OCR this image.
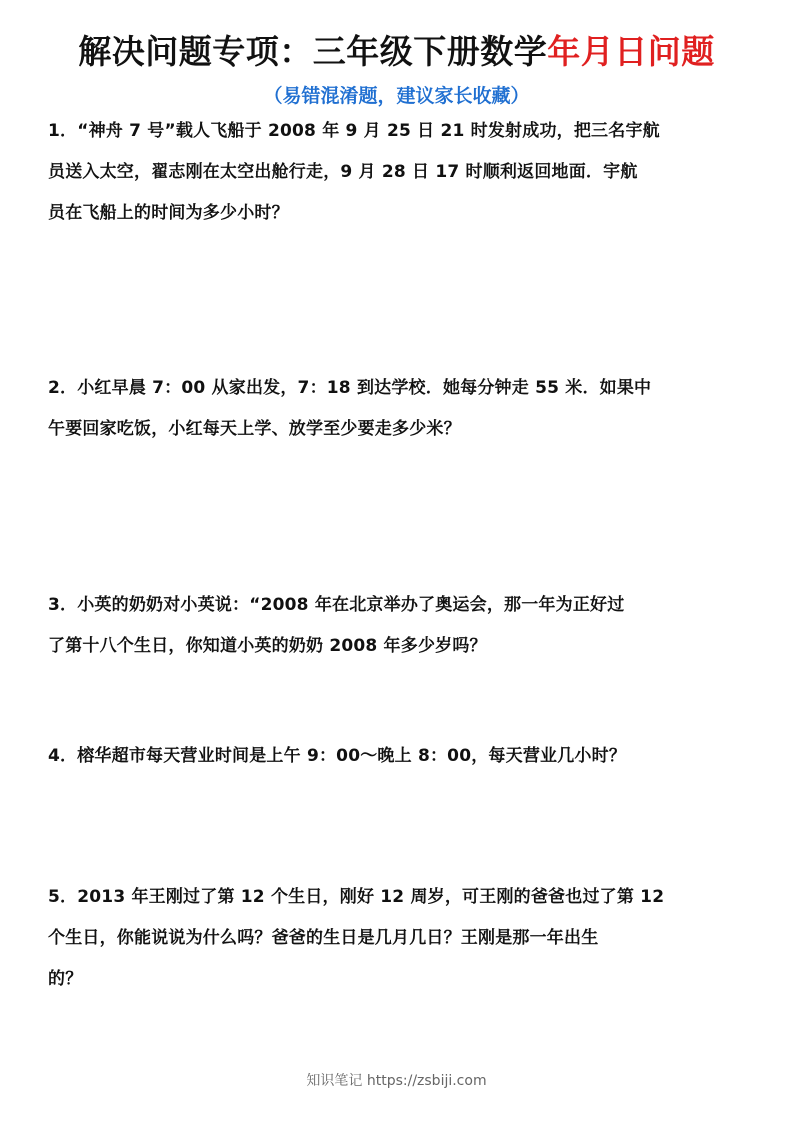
解决问题专项：三年级下册数学年月日问题
（易错混淆题，建议家长收藏）
1．“神舟 7 号”载人飞船于 2008 年 9 月 25 日 21 时发射成功，把三名宇航
员送入太空，翟志刚在太空出舱行走，9 月 28 日 17 时顺利返回地面．宇航
员在飞船上的时间为多少小时？
2．小红早晨 7：00 从家出发，7：18 到达学校．她每分钟走 55 米．如果中
午要回家吃饭，小红每天上学、放学至少要走多少米？
3．小英的奶奶对小英说：“2008 年在北京举办了奥运会，那一年为正好过
了第十八个生日，你知道小英的奶奶 2008 年多少岁吗？
4．榕华超市每天营业时间是上午 9：00～晚上 8：00，每天营业几小时？
5．2013 年王刚过了第 12 个生日，刚好 12 周岁，可王刚的爸爸也过了第 12
个生日，你能说说为什么吗？爸爸的生日是几月几日？王刚是那一年出生
的？
知识笔记 https://zsbiji.com
